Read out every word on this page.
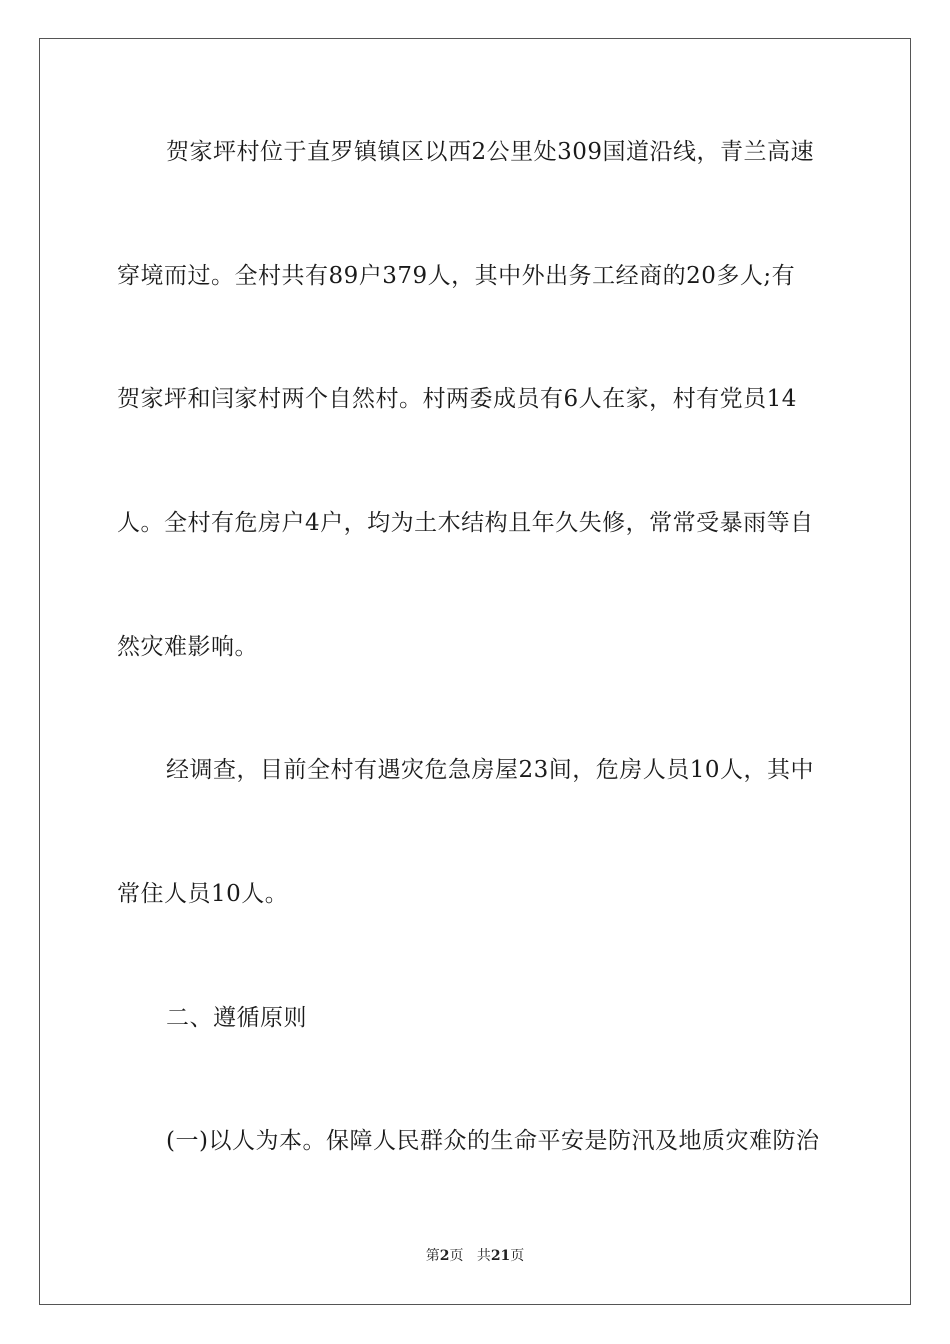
贺家坪村位于直罗镇镇区以西2公里处309国道沿线，青兰高速
穿境而过。全村共有89户379人，其中外出务工经商的20多人;有
贺家坪和闫家村两个自然村。村两委成员有6人在家，村有党员14
人。全村有危房户4户，均为土木结构且年久失修，常常受暴雨等自
然灾难影响。
经调查，目前全村有遇灾危急房屋23间，危房人员10人，其中
常住人员10人。
二、遵循原则
(一)以人为本。保障人民群众的生命平安是防汛及地质灾难防治
第2页 共21页
